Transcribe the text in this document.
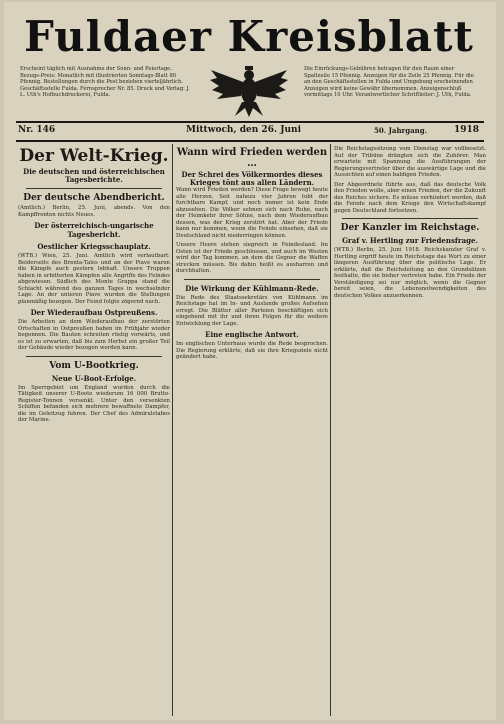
Fuldaer Kreisblatt

Erscheint täglich mit Ausnahme der Sonn- und Feiertage. Bezugs-Preis: Monatlich mit illustrierten Sonntags-Blatt 80 Pfennig. Bestellungen durch die Post beziehen vierteljährlich. Geschäftsstelle Fulda. Fernsprecher Nr. 85. Druck und Verlag: J. L. Uth's Hofbuchdruckerei, Fulda.

Die Einrückungs-Gebühren betragen für den Raum einer Spaltzeile 15 Pfennig. Anzeigen für die Zeile 25 Pfennig. Für die an den Geschäftsstellen in Fulda und Umgebung erscheinenden Anzeigen wird keine Gewähr übernommen. Anzeigenschluß vormittags 10 Uhr. Verantwortlicher Schriftleiter: J. Uth, Fulda.

Nr. 146	Mittwoch, den 26. Juni	50. Jahrgang.	1918
Der Welt-Krieg.

Die deutschen und österreichischen Tagesberichte.

Der deutsche Abendbericht.

(Amtlich.) Berlin, 25. Juni, abends. Von den Kampffronten nichts Neues.

Der österreichisch-ungarische Tagesbericht.
Oestlicher Kriegsschauplatz.

(WTB.) Wien, 25. Juni. Amtlich wird verlautbart: Beiderseits des Brenta-Tales und an der Piave waren die Kämpfe auch gestern lebhaft. Unsere Truppen haben in erbitterten Kämpfen alle Angriffe des Feindes abgewiesen. Südlich des Monte Grappa stand die Schlacht während des ganzen Tages in wechselnder Lage. An der unteren Piave wurden die Stellungen planmäßig bezogen. Der Feind folgte zögernd nach.

Der Wiederaufbau Ostpreußens.

Die Arbeiten an dem Wiederaufbau der zerstörten Ortschaften in Ostpreußen haben im Frühjahr wieder begonnen. Die Bauten schreiten rüstig vorwärts, und es ist zu erwarten, daß bis zum Herbst ein großer Teil der Gebäude wieder bezogen werden kann.

Vom U-Bootkrieg.
Neue U-Boot-Erfolge.

Im Sperrgebiet um England wurden durch die Tätigkeit unserer U-Boote wiederum 16 000 Brutto-Register-Tonnen versenkt. Unter den versenkten Schiffen befanden sich mehrere bewaffnete Dampfer, die im Geleitzug fuhren. Der Chef des Admiralstabes der Marine.

Wann wird Frieden werden …

Der Schrei des Völkermordes dieses Krieges tönt aus allen Ländern.

Wann wird Frieden werden? Diese Frage bewegt heute alle Herzen. Seit nahezu vier Jahren tobt der furchtbare Kampf, und noch immer ist kein Ende abzusehen. Die Völker sehnen sich nach Ruhe, nach der Heimkehr ihrer Söhne, nach dem Wiederaufbau dessen, was der Krieg zerstört hat. Aber der Friede kann nur kommen, wenn die Feinde einsehen, daß sie Deutschland nicht niederringen können.

Unsere Heere stehen siegreich in Feindesland. Im Osten ist der Friede geschlossen, und auch im Westen wird der Tag kommen, an dem die Gegner die Waffen strecken müssen. Bis dahin heißt es ausharren und durchhalten.

Die Wirkung der Kühlmann-Rede.

Die Rede des Staatssekretärs von Kühlmann im Reichstage hat im In- und Auslande großes Aufsehen erregt. Die Blätter aller Parteien beschäftigen sich eingehend mit ihr und ihren Folgen für die weitere Entwicklung der Lage.

Eine englische Antwort.

Im englischen Unterhaus wurde die Rede besprochen. Die Regierung erklärte, daß sie ihre Kriegsziele nicht geändert habe.

Die Reichstagssitzung vom Dienstag war vollbesetzt. Auf der Tribüne drängten sich die Zuhörer. Man erwartete mit Spannung die Ausführungen der Regierungsvertreter über die auswärtige Lage und die Aussichten auf einen baldigen Frieden.

Der Abgeordnete führte aus, daß das deutsche Volk den Frieden wolle, aber einen Frieden, der die Zukunft des Reiches sichere. Es müsse verhindert werden, daß die Feinde nach dem Kriege den Wirtschaftskampf gegen Deutschland fortsetzen.

Der Kanzler im Reichstage.
Graf v. Hertling zur Friedensfrage.

(WTB.) Berlin, 25. Juni 1918. Reichskanzler Graf v. Hertling ergriff heute im Reichstage das Wort zu einer längeren Ausführung über die politische Lage. Er erklärte, daß die Reichsleitung an den Grundsätzen festhalte, die sie bisher vertreten habe. Ein Friede der Verständigung sei nur möglich, wenn die Gegner bereit seien, die Lebensnotwendigkeiten des deutschen Volkes anzuerkennen.
